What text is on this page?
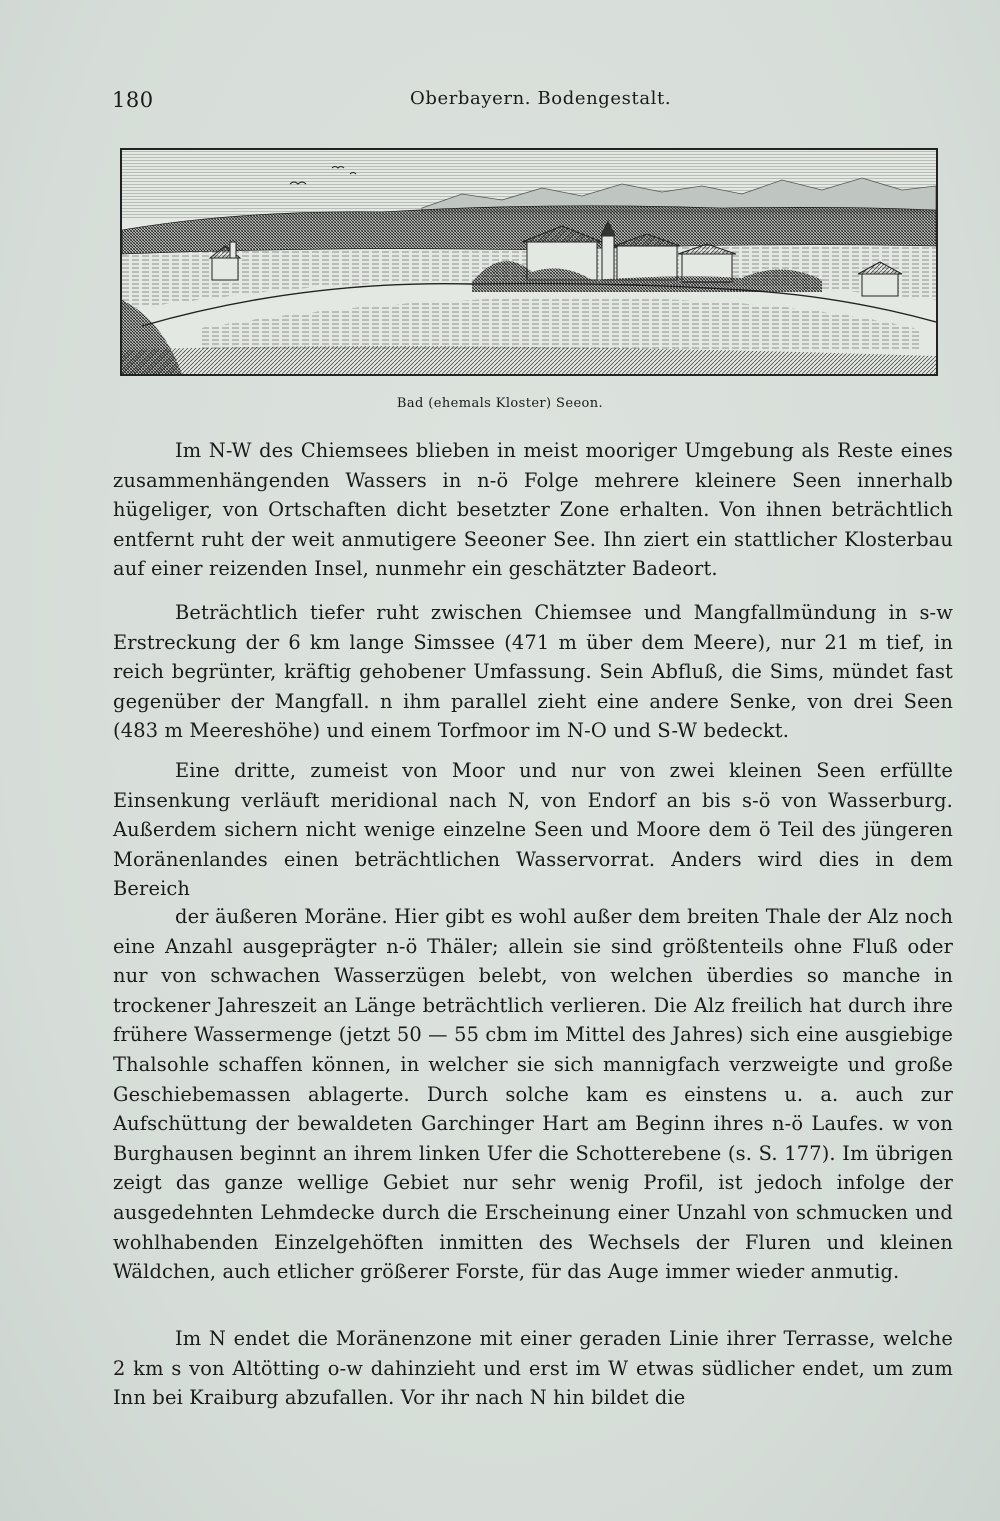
180	Oberbayern. Bodengestalt.
Bad (ehemals Kloster) Seeon.

Im N-W des Chiemsees blieben in meist mooriger Umgebung als Reste eines zusammenhängenden Wassers in n-ö Folge mehrere kleinere Seen innerhalb hügeliger, von Ortschaften dicht besetzter Zone erhalten. Von ihnen beträchtlich entfernt ruht der weit anmutigere Seeoner See. Ihn ziert ein stattlicher Klosterbau auf einer reizenden Insel, nunmehr ein geschätzter Badeort.

Beträchtlich tiefer ruht zwischen Chiemsee und Mangfallmündung in s-w Erstreckung der 6 km lange Simssee (471 m über dem Meere), nur 21 m tief, in reich begrünter, kräftig gehobener Umfassung. Sein Abfluß, die Sims, mündet fast gegenüber der Mangfall. n ihm parallel zieht eine andere Senke, von drei Seen (483 m Meereshöhe) und einem Torfmoor im N-O und S-W bedeckt.

Eine dritte, zumeist von Moor und nur von zwei kleinen Seen erfüllte Einsenkung verläuft meridional nach N, von Endorf an bis s-ö von Wasserburg. Außerdem sichern nicht wenige einzelne Seen und Moore dem ö Teil des jüngeren Moränenlandes einen beträchtlichen Wasservorrat. Anders wird dies in dem Bereich

der äußeren Moräne. Hier gibt es wohl außer dem breiten Thale der Alz noch eine Anzahl ausgeprägter n-ö Thäler; allein sie sind größtenteils ohne Fluß oder nur von schwachen Wasserzügen belebt, von welchen überdies so manche in trockener Jahreszeit an Länge beträchtlich verlieren. Die Alz freilich hat durch ihre frühere Wassermenge (jetzt 50 — 55 cbm im Mittel des Jahres) sich eine ausgiebige Thalsohle schaffen können, in welcher sie sich mannigfach verzweigte und große Geschiebemassen ablagerte. Durch solche kam es einstens u. a. auch zur Aufschüttung der bewaldeten Garchinger Hart am Beginn ihres n-ö Laufes. w von Burghausen beginnt an ihrem linken Ufer die Schotterebene (s. S. 177). Im übrigen zeigt das ganze wellige Gebiet nur sehr wenig Profil, ist jedoch infolge der ausgedehnten Lehmdecke durch die Erscheinung einer Unzahl von schmucken und wohlhabenden Einzelgehöften inmitten des Wechsels der Fluren und kleinen Wäldchen, auch etlicher größerer Forste, für das Auge immer wieder anmutig.

Im N endet die Moränenzone mit einer geraden Linie ihrer Terrasse, welche 2 km s von Altötting o-w dahinzieht und erst im W etwas südlicher endet, um zum Inn bei Kraiburg abzufallen. Vor ihr nach N hin bildet die
